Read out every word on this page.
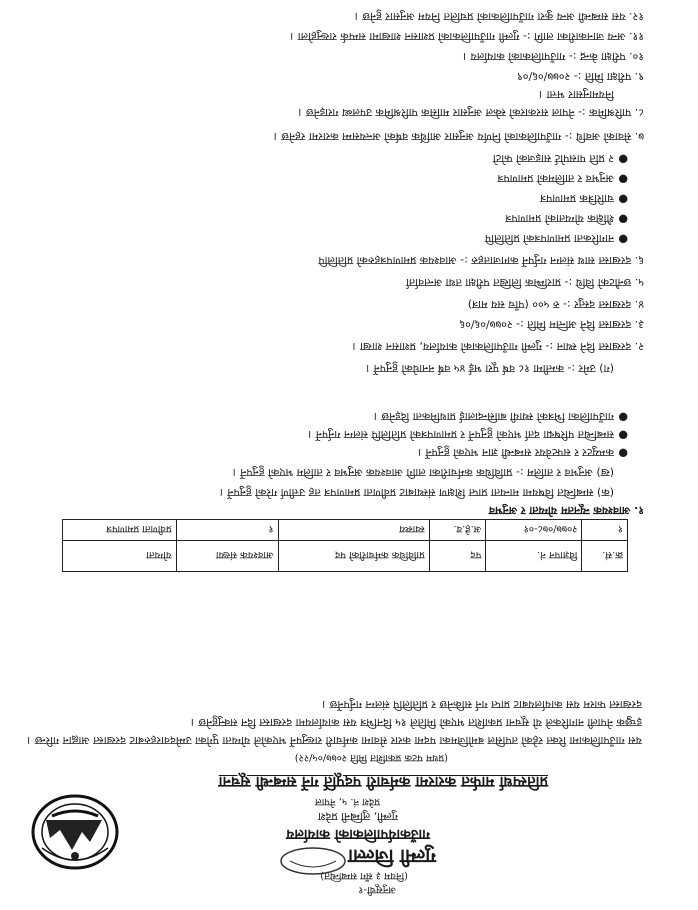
अनुसूची-१
(नियम ३ सँग सम्बन्धित)
गुल्मी जिल्ला
गाउँकार्यपालिकाको कार्यालय
गुल्मी, लुम्बिनी प्रदेश
प्रदेश नं. ५, नेपाल
प्रतिस्पर्धा मार्फत करारमा कर्मचारी पदपूर्ति गर्ने सम्बन्धी सूचना
(प्रथम पटक प्रकाशित मिति २०७७/०५/२२)
यस गाउँपालिकामा रिक्त रहेको तपसिल बमोजिमका पदमा करार सेवामा कर्मचारी राख्नुपर्ने भएकोले योग्यता पुगेका उम्मेदवारहरुबाट दरखास्त आह्वान गरिन्छ ।
इच्छुक नेपाली नागरिकले यो सूचना प्रकाशित भएको मितिले १५ दिनभित्र यस कार्यालयमा दरखास्त दिन सक्नुहुनेछ ।
दरखास्त फारम यस कार्यालयबाट प्राप्त गर्न सकिनेछ र प्रतिलिपि संलग्न गर्नुपर्नेछ ।
क्र.सं.	विज्ञापन नं.	पद	प्राविधिक कर्मचारीको पद	आवश्यक संख्या	योग्यता
१	२०७७/०७८-०१	अ.हे.व.	स्वास्थ्य	१	प्रवीणता प्रमाणपत्र
१. आवश्यक न्यूनतम योग्यता र अनुभव
(क) सम्बन्धित विषयमा मान्यता प्राप्त शिक्षण संस्थाबाट प्रवीणता प्रमाणपत्र तह उत्तीर्ण गरेको हुनुपर्ने ।
(ख) अनुभव र तालिम :- प्राविधिक कर्मचारीका लागि आवश्यक अनुभव र तालिम भएको हुनुपर्ने ।
●
कम्प्युटर र सफ्टवेयर सम्बन्धी ज्ञान भएको हुनुपर्ने ।
●
सम्बन्धित परिषद्मा दर्ता भएको हुनुपर्ने र प्रमाणपत्रको प्रतिलिपि संलग्न गर्नुपर्ने ।
●
गाउँपालिका भित्रको स्थायी बासिन्दालाई प्राथमिकता दिइनेछ ।
(ग) उमेर :- कम्तीमा १८ वर्ष पूरा भई ४५ वर्ष ननाघेको हुनुपर्ने ।
२. दरखास्त दिने स्थान :- गुल्मी गाउँपालिकाको कार्यालय, प्रशासन शाखा ।
३. दरखास्त दिने अन्तिम मिति :- २०७७/०६/०६
४. दरखास्त दस्तुर :- रु ५०० (पाँच सय मात्र)
५. छनौटको विधि :- प्रारम्भिक लिखित परीक्षा तथा अन्तर्वार्ता
६. दरखास्त साथ संलग्न गर्नुपर्ने कागजातहरु :- आवश्यक प्रमाणपत्रहरुको प्रतिलिपि
●
नागरिकता प्रमाणपत्रको प्रतिलिपि
●
शैक्षिक योग्यताको प्रमाणपत्र
●
चारित्रिक प्रमाणपत्र
●
अनुभव र तालिमको प्रमाणपत्र
●
२ प्रति पासपोर्ट साइजको फोटो
७. सेवाको अवधि :- गाउँपालिकाको निर्णय अनुसार आर्थिक वर्षको अन्त्यसम्म करारमा रहनेछ ।
८. पारिश्रमिक :- नेपाल सरकारको स्केल अनुसार मासिक पारिश्रमिक उपलब्ध गराइनेछ ।
नियमानुसार भत्ता ।
९. परीक्षा मिति :- २०७७/०६/०९
१०. परीक्षा केन्द्र :- गाउँपालिकाको कार्यालय ।
११. अन्य जानकारीका लागि :- गुल्मी गाउँपालिकाको प्रशासन शाखामा सम्पर्क राख्नुहोला ।
१२. यस सम्बन्धी अन्य कुरा गाउँपालिकाको प्रचलित नियम अनुसार हुनेछ ।
